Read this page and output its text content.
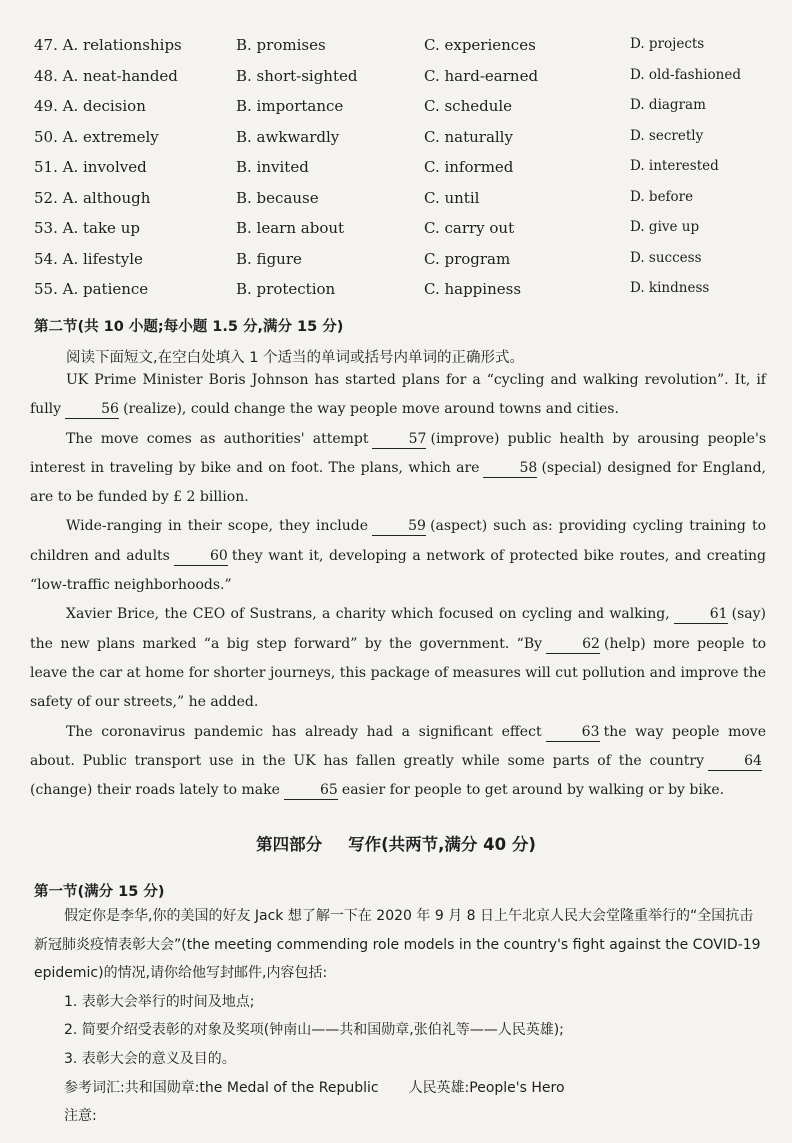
47. A. relationships	B. promises	C. experiences	D. projects
48. A. neat-handed	B. short-sighted	C. hard-earned	D. old-fashioned
49. A. decision	B. importance	C. schedule	D. diagram
50. A. extremely	B. awkwardly	C. naturally	D. secretly
51. A. involved	B. invited	C. informed	D. interested
52. A. although	B. because	C. until	D. before
53. A. take up	B. learn about	C. carry out	D. give up
54. A. lifestyle	B. figure	C. program	D. success
55. A. patience	B. protection	C. happiness	D. kindness
第二节(共 10 小题;每小题 1.5 分,满分 15 分)
阅读下面短文,在空白处填入 1 个适当的单词或括号内单词的正确形式。

UK Prime Minister Boris Johnson has started plans for a “cycling and walking revolution”. It, if fully	56 (realize), could change the way people move around towns and cities.

The move comes as authorities' attempt	57 (improve) public health by arousing people's interest in traveling by bike and on foot. The plans, which are	58 (special) designed for England, are to be funded by £ 2 billion.

Wide-ranging in their scope, they include	59 (aspect) such as: providing cycling training to children and adults	60 they want it, developing a network of protected bike routes, and creating “low-traffic neighborhoods.”

Xavier Brice, the CEO of Sustrans, a charity which focused on cycling and walking,	61 (say) the new plans marked “a big step forward” by the government. “By	62 (help) more people to leave the car at home for shorter journeys, this package of measures will cut pollution and improve the safety of our streets,” he added.

The coronavirus pandemic has already had a significant effect	63 the way people move about. Public transport use in the UK has fallen greatly while some parts of the country	64(change) their roads lately to make	65 easier for people to get around by walking or by bike.

第四部分 写作(共两节,满分 40 分)
第一节(满分 15 分)
假定你是李华,你的美国的好友 Jack 想了解一下在 2020 年 9 月 8 日上午北京人民大会堂隆重举行的“全国抗击新冠肺炎疫情表彰大会”(the meeting commending role models in the country's fight against the COVID-19 epidemic)的情况,请你给他写封邮件,内容包括:
1. 表彰大会举行的时间及地点;
2. 简要介绍受表彰的对象及奖项(钟南山——共和国勋章,张伯礼等——人民英雄);
3. 表彰大会的意义及目的。
参考词汇:共和国勋章:the Medal of the Republic 人民英雄:People's Hero
注意:
